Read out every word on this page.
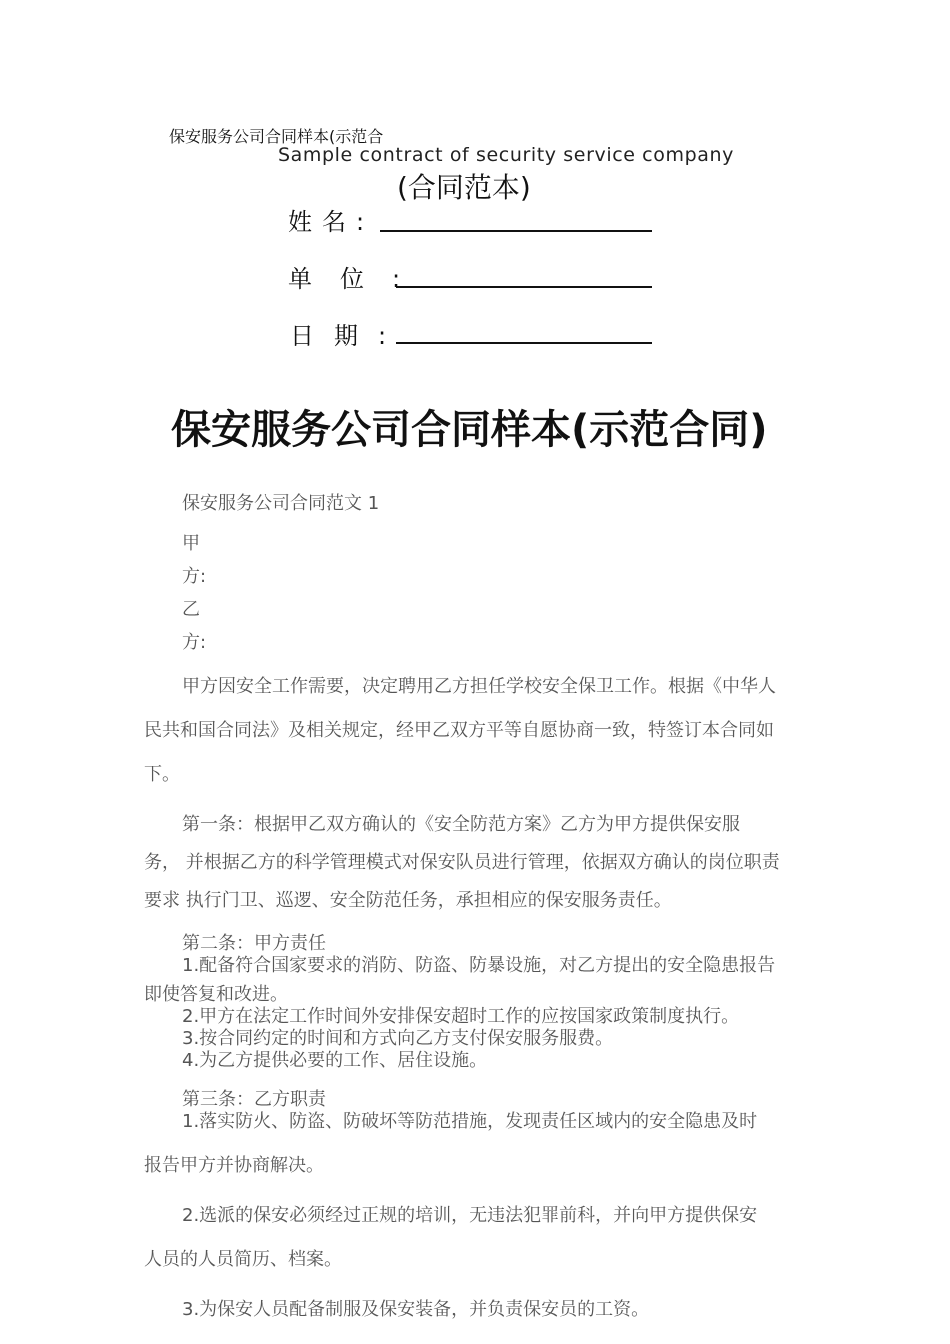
保安服务公司合同样本(示范合
Sample contract of security service company
(合同范本)
姓名:
单位:
日期:
保安服务公司合同样本(示范合同)
保安服务公司合同范文 1
甲
方:
乙
方:
甲方因安全工作需要，决定聘用乙方担任学校安全保卫工作。根据《中华人
民共和国合同法》及相关规定，经甲乙双方平等自愿协商一致，特签订本合同如
下。
第一条：根据甲乙双方确认的《安全防范方案》乙方为甲方提供保安服
务， 并根据乙方的科学管理模式对保安队员进行管理，依据双方确认的岗位职责
要求 执行门卫、巡逻、安全防范任务，承担相应的保安服务责任。
第二条：甲方责任
1.配备符合国家要求的消防、防盗、防暴设施，对乙方提出的安全隐患报告
即使答复和改进。
2.甲方在法定工作时间外安排保安超时工作的应按国家政策制度执行。
3.按合同约定的时间和方式向乙方支付保安服务服费。
4.为乙方提供必要的工作、居住设施。
第三条：乙方职责
1.落实防火、防盗、防破坏等防范措施，发现责任区域内的安全隐患及时
报告甲方并协商解决。
2.选派的保安必须经过正规的培训，无违法犯罪前科，并向甲方提供保安
人员的人员简历、档案。
3.为保安人员配备制服及保安装备，并负责保安员的工资。
